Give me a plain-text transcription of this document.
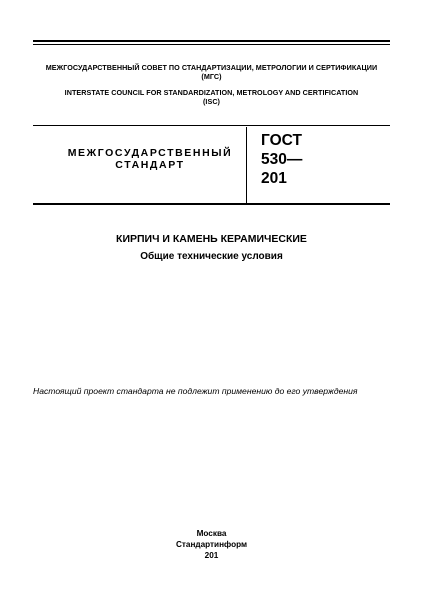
МЕЖГОСУДАРСТВЕННЫЙ СОВЕТ ПО СТАНДАРТИЗАЦИИ, МЕТРОЛОГИИ И СЕРТИФИКАЦИИ
(МГС)
INTERSTATE COUNCIL FOR STANDARDIZATION, METROLOGY AND CERTIFICATION
(ISC)
МЕЖГОСУДАРСТВЕННЫЙ
СТАНДАРТ
ГОСТ
530—
201
КИРПИЧ И КАМЕНЬ КЕРАМИЧЕСКИЕ
Общие технические условия
Настоящий проект стандарта не подлежит применению до его утверждения
Москва
Стандартинформ
201
